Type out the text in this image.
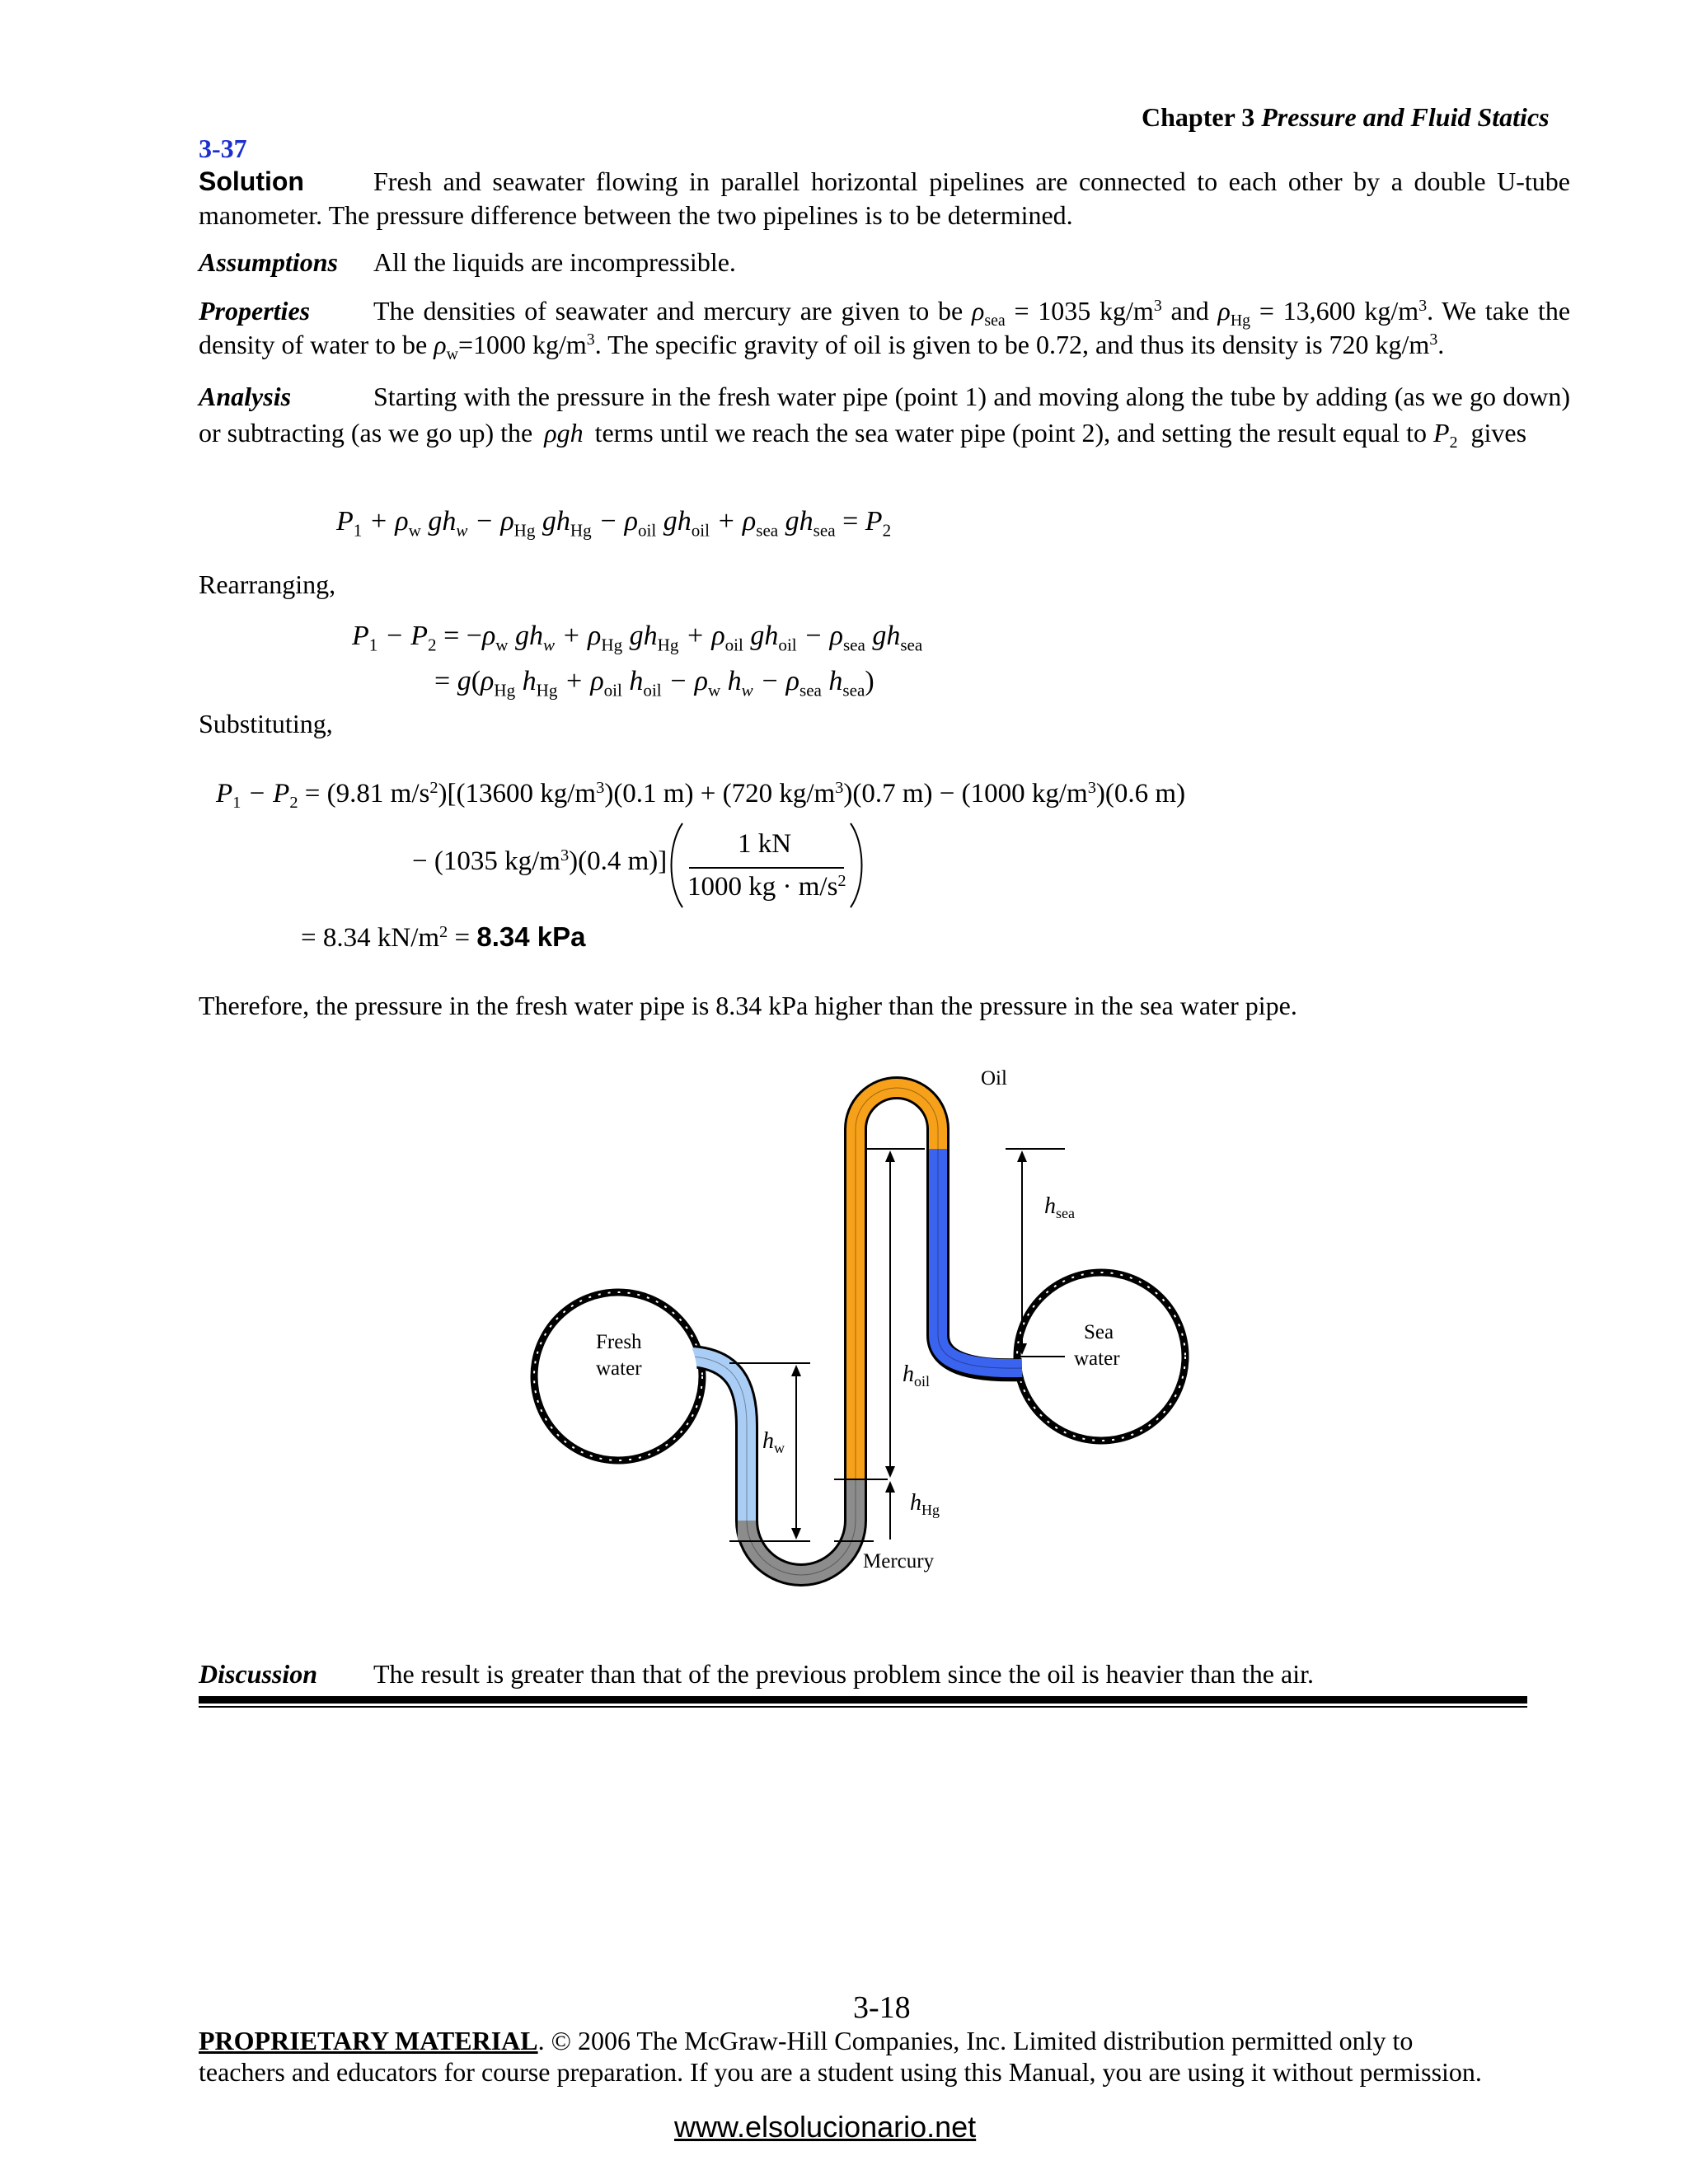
Chapter 3 Pressure and Fluid Statics
3-37
Solution	Fresh and seawater flowing in parallel horizontal pipelines are connected to each other by a double U-tube manometer. The pressure difference between the two pipelines is to be determined.
Assumptions All the liquids are incompressible.
Properties The densities of seawater and mercury are given to be $\rho_{sea} = 1035$ $kg/m^3$ and $\rho_{Hg} = 13,600$ $kg/m^3$. We take the density of water to be $\rho_w=1000$ $kg/m^3$. The specific gravity of oil is given to be 0.72, and thus its density is 720 $kg/m^3$.
Analysis	Starting with the pressure in the fresh water pipe (point 1) and moving along the tube by adding (as we go down) or subtracting (as we go up) the ρgh terms until we reach the sea water pipe (point 2), and setting the result equal to $P_2$ gives
$P_1 + \rho_w$ $gh_w - \rho_{Hg}$ $gh_{Hg} - \rho_{oil}$ $gh_{oil} + \rho_{sea}$ $gh_{sea} = P_2$
Rearranging,
$P_1 - P_2 = -\rho_w$ $gh_w + \rho_{Hg}$ $gh_{Hg} + \rho_{oil}$ $gh_{oil} - \rho_{sea}$ $gh_{sea}$
= $g(\rho_{Hg}$ $h_{Hg} + \rho_{oil}$ $h_{oil} - \rho_w$ $h_w - \rho_{sea}$ $h_{sea}$)
Substituting,
$P_1 - P_2 = (9.81$ $m/s^2)[(13600$ $kg/m^3)(0.1$ m) + (720 $kg/m^3)(0.7$ m) − (1000 $kg/m^3)(0.6$ m)
− (1035 $kg/m^3)(0.4$ m)]
1 kN
1000 kg · $m/s^2$
= 8.34 $kN/m^2 = 8.34$ kPa
Therefore, the pressure in the fresh water pipe is 8.34 kPa higher than the pressure in the sea water pipe.
Oil
Fresh
water
Sea
water
Mercury
$h_{sea}$
$h_{oil}$
$h_w$
$h_{Hg}$
Discussion The result is greater than that of the previous problem since the oil is heavier than the air.
3-18
PROPRIETARY MATERIAL. © 2006 The McGraw-Hill Companies, Inc. Limited distribution permitted only to
teachers and educators for course preparation. If you are a student using this Manual, you are using it without permission.
www.elsolucionario.net
